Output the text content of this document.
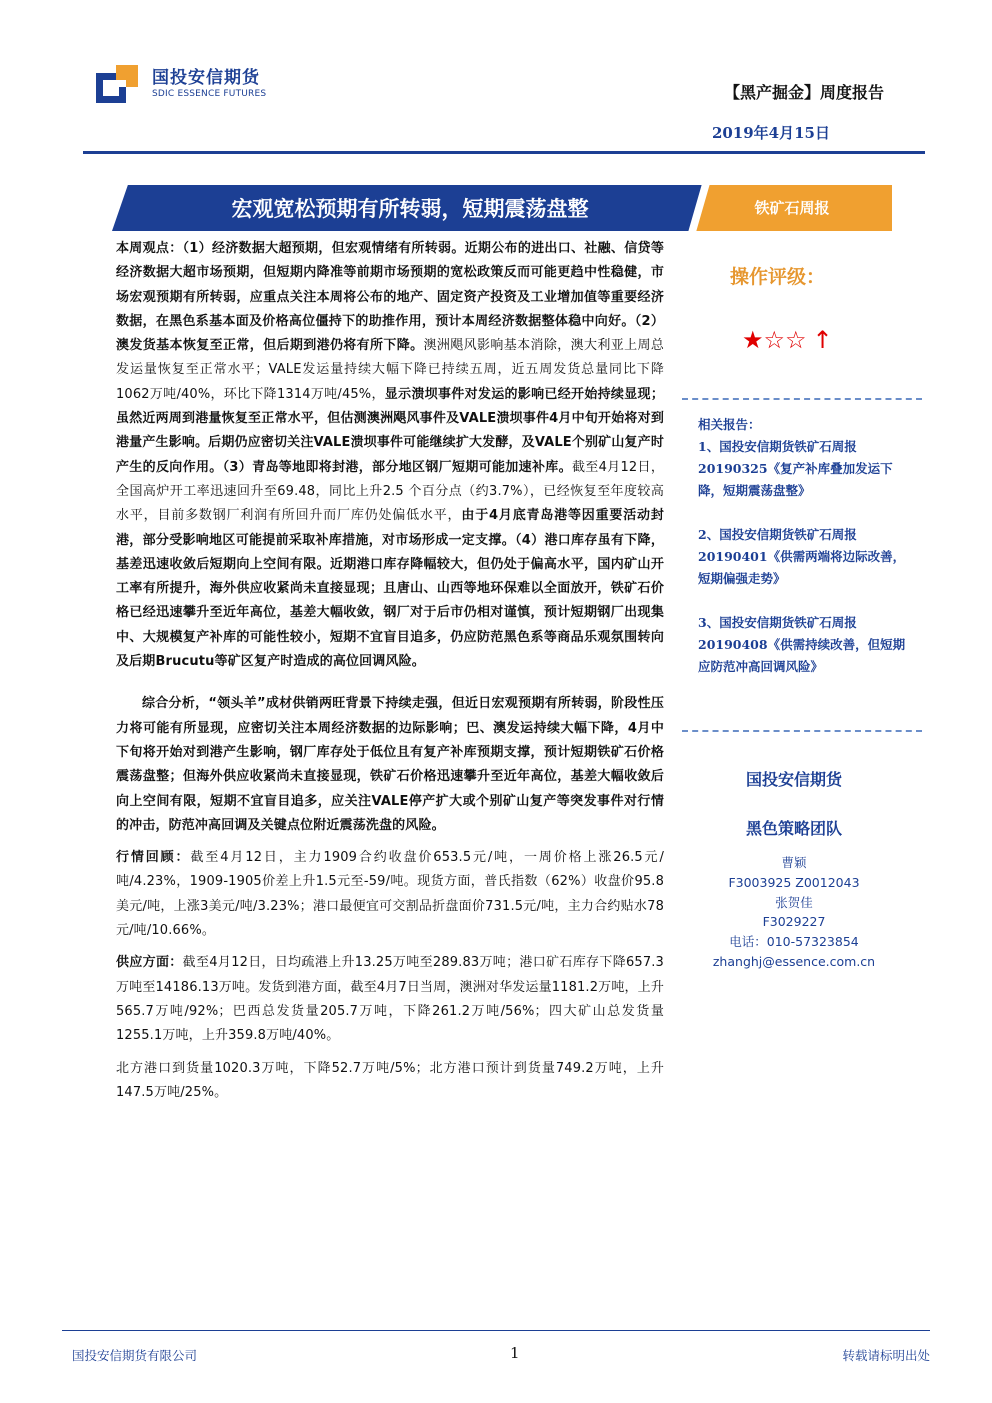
国投安信期货
SDIC ESSENCE FUTURES	【黑产掘金】周度报告
2019年4月15日
宏观宽松预期有所转弱，短期震荡盘整	铁矿石周报

本周观点：（1）经济数据大超预期，但宏观情绪有所转弱。近期公布的进出口、社融、信贷等经济数据大超市场预期，但短期内降准等前期市场预期的宽松政策反而可能更趋中性稳健，市场宏观预期有所转弱，应重点关注本周将公布的地产、固定资产投资及工业增加值等重要经济数据，在黑色系基本面及价格高位僵持下的助推作用，预计本周经济数据整体稳中向好。（2）澳发货基本恢复至正常，但后期到港仍将有所下降。澳洲飓风影响基本消除，澳大利亚上周总发运量恢复至正常水平；VALE发运量持续大幅下降已持续五周，近五周发货总量同比下降1062万吨/40%，环比下降1314万吨/45%，显示溃坝事件对发运的影响已经开始持续显现；虽然近两周到港量恢复至正常水平，但估测澳洲飓风事件及VALE溃坝事件4月中旬开始将对到港量产生影响。后期仍应密切关注VALE溃坝事件可能继续扩大发酵，及VALE个别矿山复产时产生的反向作用。（3）青岛等地即将封港，部分地区钢厂短期可能加速补库。截至4月12日，全国高炉开工率迅速回升至69.48，同比上升2.5 个百分点（约3.7%），已经恢复至年度较高水平，目前多数钢厂利润有所回升而厂库仍处偏低水平，由于4月底青岛港等因重要活动封港，部分受影响地区可能提前采取补库措施，对市场形成一定支撑。（4）港口库存虽有下降，基差迅速收敛后短期向上空间有限。近期港口库存降幅较大，但仍处于偏高水平，国内矿山开工率有所提升，海外供应收紧尚未直接显现；且唐山、山西等地环保难以全面放开，铁矿石价格已经迅速攀升至近年高位，基差大幅收敛，钢厂对于后市仍相对谨慎，预计短期钢厂出现集中、大规模复产补库的可能性较小，短期不宜盲目追多，仍应防范黑色系等商品乐观氛围转向及后期Brucutu等矿区复产时造成的高位回调风险。

综合分析，“领头羊”成材供销两旺背景下持续走强，但近日宏观预期有所转弱，阶段性压力将可能有所显现，应密切关注本周经济数据的边际影响；巴、澳发运持续大幅下降，4月中下旬将开始对到港产生影响，钢厂库存处于低位且有复产补库预期支撑，预计短期铁矿石价格震荡盘整；但海外供应收紧尚未直接显现，铁矿石价格迅速攀升至近年高位，基差大幅收敛后向上空间有限，短期不宜盲目追多，应关注VALE停产扩大或个别矿山复产等突发事件对行情的冲击，防范冲高回调及关键点位附近震荡洗盘的风险。

行情回顾：截至4月12日，主力1909合约收盘价653.5元/吨，一周价格上涨26.5元/吨/4.23%，1909-1905价差上升1.5元至-59/吨。现货方面，普氏指数（62%）收盘价95.8美元/吨，上涨3美元/吨/3.23%；港口最便宜可交割品折盘面价731.5元/吨，主力合约贴水78元/吨/10.66%。

供应方面：截至4月12日，日均疏港上升13.25万吨至289.83万吨；港口矿石库存下降657.3万吨至14186.13万吨。发货到港方面，截至4月7日当周，澳洲对华发运量1181.2万吨，上升565.7万吨/92%；巴西总发货量205.7万吨，下降261.2万吨/56%；四大矿山总发货量1255.1万吨，上升359.8万吨/40%。

北方港口到货量1020.3万吨，下降52.7万吨/5%；北方港口预计到货量749.2万吨，上升147.5万吨/25%。

操作评级：
★☆☆ ↑
相关报告：
1、国投安信期货铁矿石周报20190325《复产补库叠加发运下降，短期震荡盘整》
2、国投安信期货铁矿石周报20190401《供需两端将边际改善，短期偏强走势》
3、国投安信期货铁矿石周报20190408《供需持续改善，但短期应防范冲高回调风险》
国投安信期货
黑色策略团队
曹颖
F3003925 Z0012043
张贺佳
F3029227
电话：010-57323854
zhanghj@essence.com.cn
国投安信期货有限公司	1	转载请标明出处
